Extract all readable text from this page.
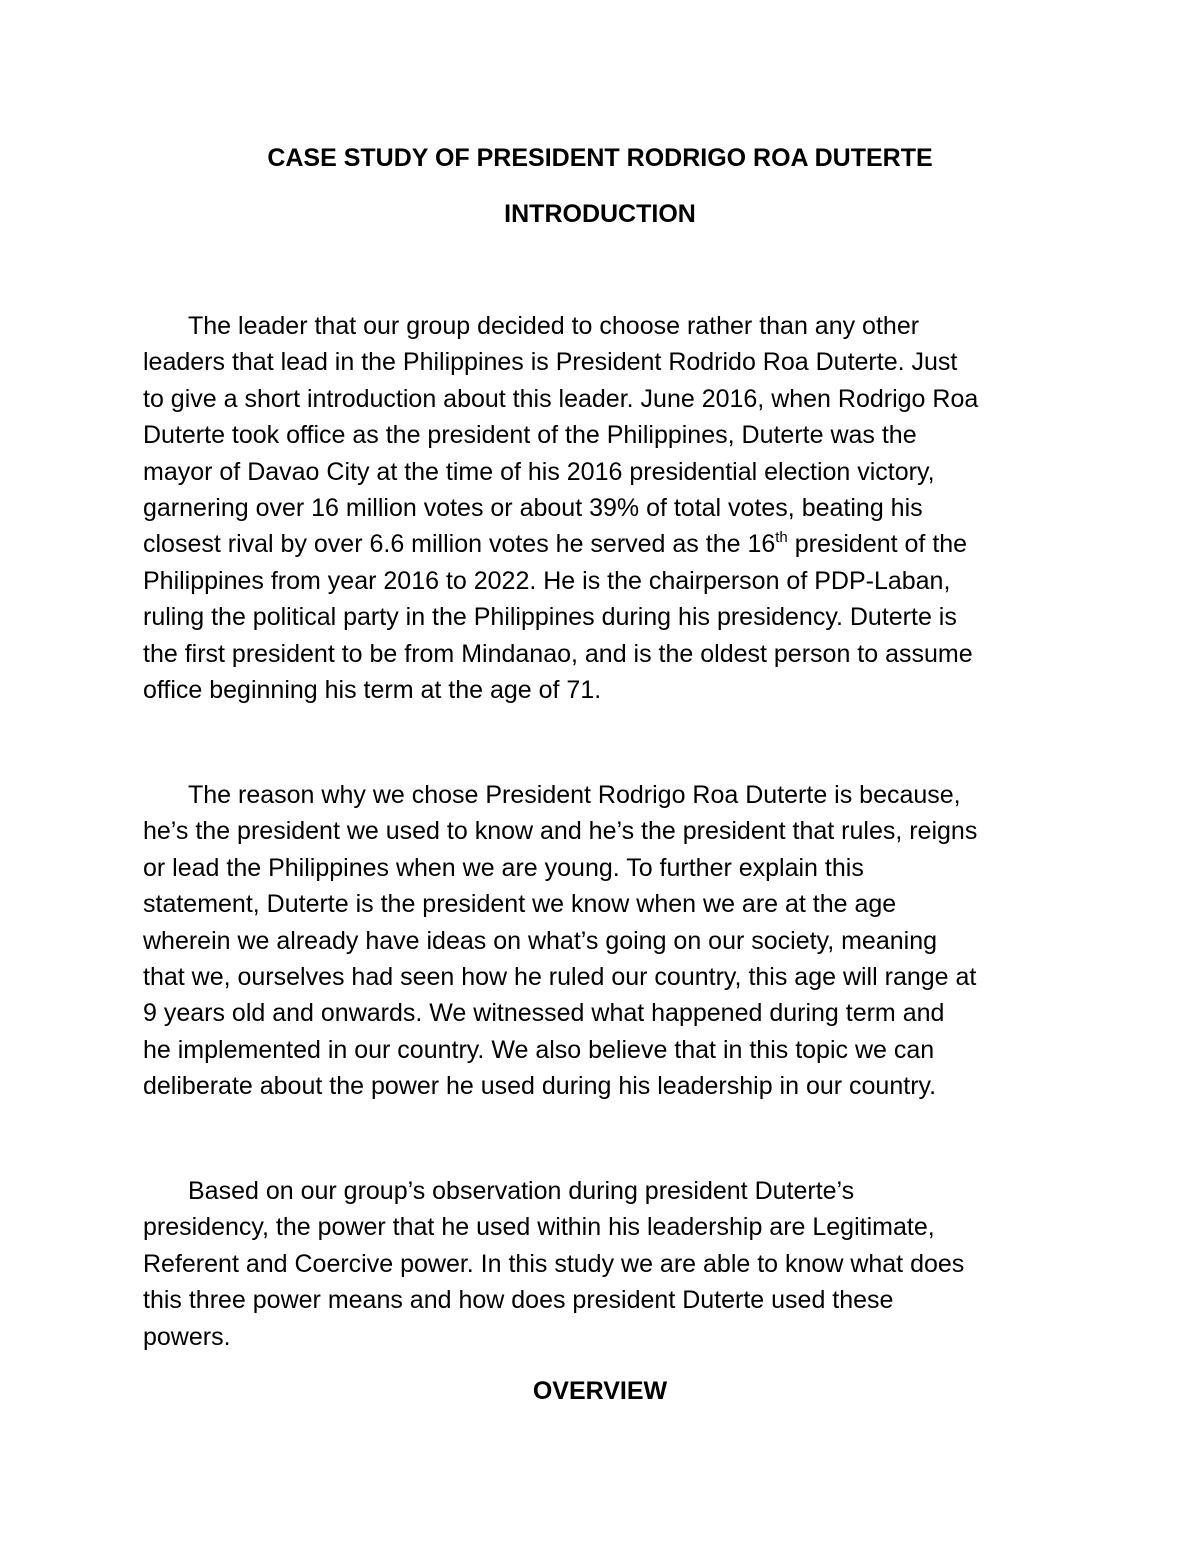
CASE STUDY OF PRESIDENT RODRIGO ROA DUTERTE
INTRODUCTION
The leader that our group decided to choose rather than any other
leaders that lead in the Philippines is President Rodrido Roa Duterte. Just
to give a short introduction about this leader. June 2016, when Rodrigo Roa
Duterte took office as the president of the Philippines, Duterte was the
mayor of Davao City at the time of his 2016 presidential election victory,
garnering over 16 million votes or about 39% of total votes, beating his
closest rival by over 6.6 million votes he served as the 16th president of the
Philippines from year 2016 to 2022. He is the chairperson of PDP-Laban,
ruling the political party in the Philippines during his presidency. Duterte is
the first president to be from Mindanao, and is the oldest person to assume
office beginning his term at the age of 71.
The reason why we chose President Rodrigo Roa Duterte is because,
he’s the president we used to know and he’s the president that rules, reigns
or lead the Philippines when we are young. To further explain this
statement, Duterte is the president we know when we are at the age
wherein we already have ideas on what’s going on our society, meaning
that we, ourselves had seen how he ruled our country, this age will range at
9 years old and onwards. We witnessed what happened during term and
he implemented in our country. We also believe that in this topic we can
deliberate about the power he used during his leadership in our country.
Based on our group’s observation during president Duterte’s
presidency, the power that he used within his leadership are Legitimate,
Referent and Coercive power. In this study we are able to know what does
this three power means and how does president Duterte used these
powers.
OVERVIEW
